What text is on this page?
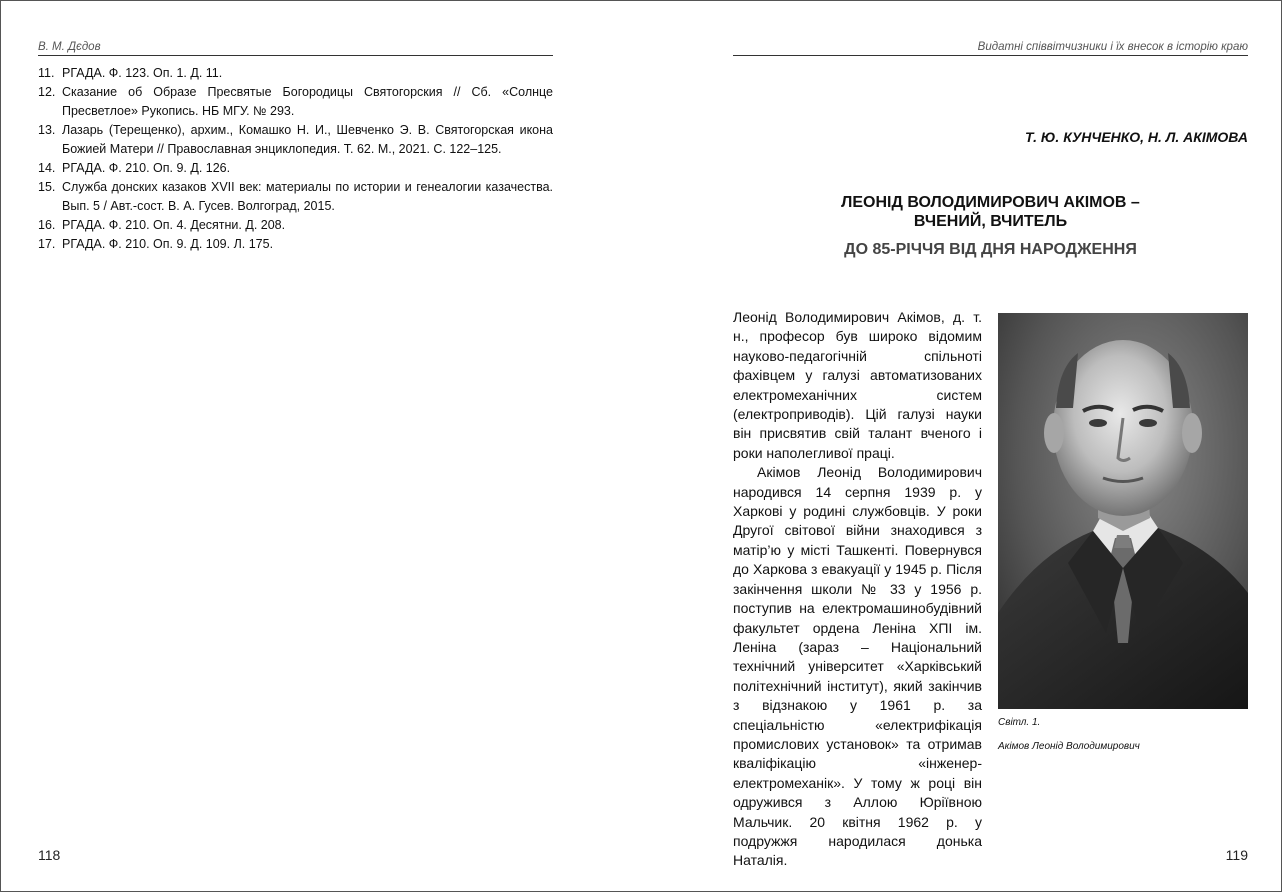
В. М. Дєдов
11. РГАДА. Ф. 123. Оп. 1. Д. 11.
12. Сказание об Образе Пресвятые Богородицы Святогорския // Сб. «Солнце Пресветлое» Рукопись. НБ МГУ. № 293.
13. Лазарь (Терещенко), архим., Комашко Н. И., Шевченко Э. В. Святогорская икона Божией Матери // Православная энциклопедия. Т. 62. М., 2021. С. 122–125.
14. РГАДА. Ф. 210. Оп. 9. Д. 126.
15. Служба донских казаков XVII век: материалы по истории и генеалогии казачества. Вып. 5 / Авт.-сост. В. А. Гусев. Волгоград, 2015.
16. РГАДА. Ф. 210. Оп. 4. Десятни. Д. 208.
17. РГАДА. Ф. 210. Оп. 9. Д. 109. Л. 175.
118
Видатні співвітчизники і їх внесок в історію краю
Т. Ю. КУНЧЕНКО, Н. Л. АКІМОВА
ЛЕОНІД ВОЛОДИМИРОВИЧ АКІМОВ –
ВЧЕНИЙ, ВЧИТЕЛЬ
ДО 85-РІЧЧЯ ВІД ДНЯ НАРОДЖЕННЯ

Леонід Володимирович Акімов, д. т. н., професор був широко відомим науково-педагогічній спільноті фахівцем у галузі автоматизованих електромеханічних систем (електроприводів). Цій галузі науки він присвятив свій талант вченого і роки наполегливої праці.

Акімов Леонід Володимирович народився 14 серпня 1939 р. у Харкові у родині службовців. У роки Другої світової війни знаходився з матір’ю у місті Ташкенті. Повернувся до Харкова з евакуації у 1945 р. Після закінчення школи № 33 у 1956 р. поступив на електромашинобудівний факультет ордена Леніна ХПІ ім. Леніна (зараз – Національний технічний університет «Харківський політехнічний інститут), який закінчив з відзнакою у 1961 р. за спеціальністю «електрифікація промислових установок» та отримав кваліфікацію «інженер-електромеханік». У тому ж році він одружився з Аллою Юріївною Мальчик. 20 квітня 1962 р. у подружжя народилася донька Наталія.

Світл. 1.
Акімов Леонід Володимирович
119
